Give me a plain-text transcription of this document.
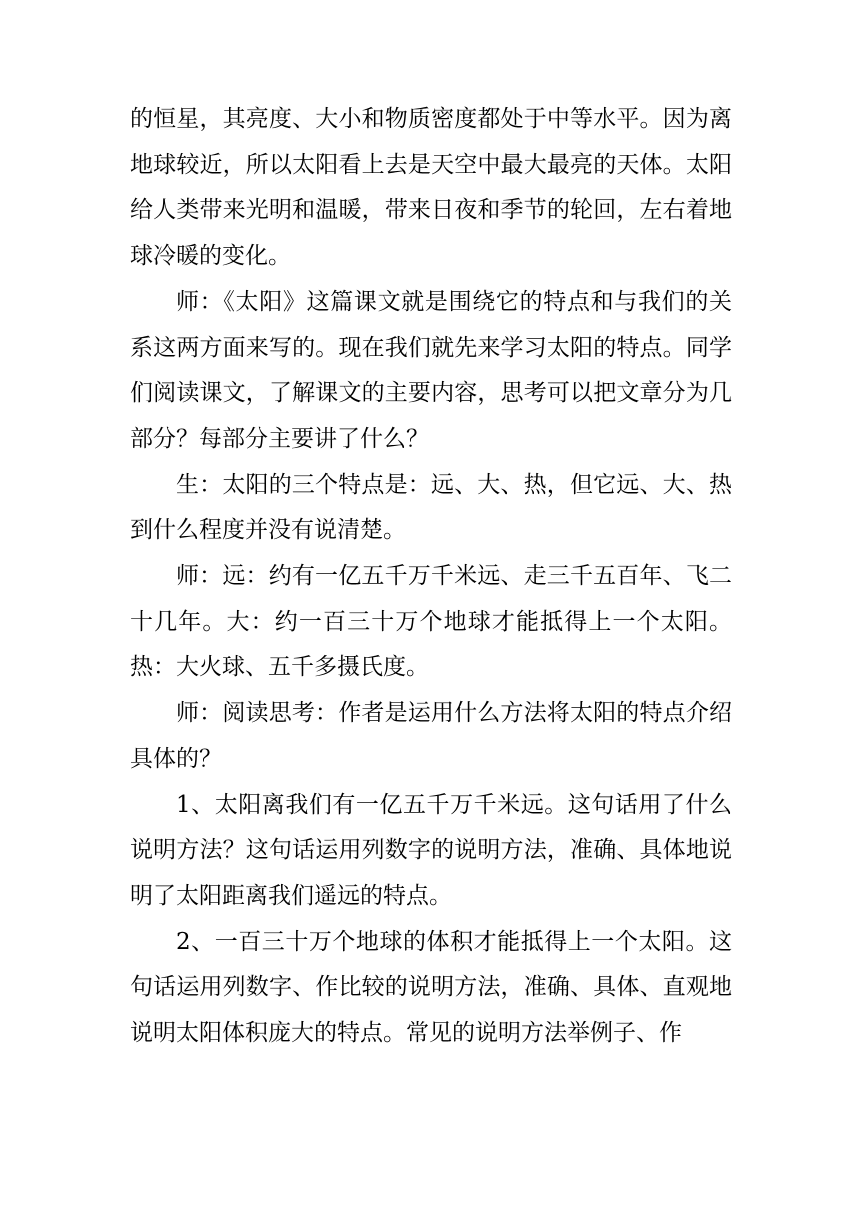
的恒星，其亮度、大小和物质密度都处于中等水平。因为离地球较近，所以太阳看上去是天空中最大最亮的天体。太阳给人类带来光明和温暖，带来日夜和季节的轮回，左右着地球冷暖的变化。

师：《太阳》这篇课文就是围绕它的特点和与我们的关系这两方面来写的。现在我们就先来学习太阳的特点。同学们阅读课文，了解课文的主要内容，思考可以把文章分为几部分？每部分主要讲了什么？

生：太阳的三个特点是：远、大、热，但它远、大、热到什么程度并没有说清楚。

师：远：约有一亿五千万千米远、走三千五百年、飞二十几年。大：约一百三十万个地球才能抵得上一个太阳。热：大火球、五千多摄氏度。

师：阅读思考：作者是运用什么方法将太阳的特点介绍具体的？

1、太阳离我们有一亿五千万千米远。这句话用了什么说明方法？这句话运用列数字的说明方法，准确、具体地说明了太阳距离我们遥远的特点。

2、一百三十万个地球的体积才能抵得上一个太阳。这句话运用列数字、作比较的说明方法，准确、具体、直观地说明太阳体积庞大的特点。常见的说明方法举例子、作
